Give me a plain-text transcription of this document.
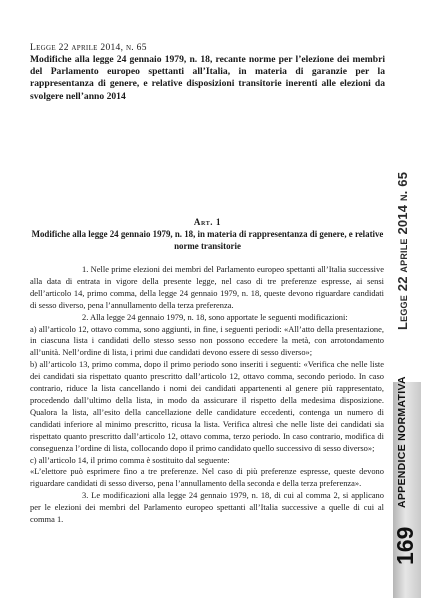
Legge 22 aprile 2014, n. 65
Modifiche alla legge 24 gennaio 1979, n. 18, recante norme per l’elezione dei membri del Parlamento europeo spettanti all’Italia, in materia di garanzie per la rappresentanza di genere, e relative disposizioni transitorie inerenti alle elezioni da svolgere nell’anno 2014
Art. 1
Modifiche alla legge 24 gennaio 1979, n. 18, in materia di rappresentanza di genere, e relative norme transitorie

1. Nelle prime elezioni dei membri del Parlamento europeo spettanti all’Italia successive alla data di entrata in vigore della presente legge, nel caso di tre preferenze espresse, ai sensi dell’articolo 14, primo comma, della legge 24 gennaio 1979, n. 18, queste devono riguardare candidati di sesso diverso, pena l’annullamento della terza preferenza.

2. Alla legge 24 gennaio 1979, n. 18, sono apportate le seguenti modificazioni:

a) all’articolo 12, ottavo comma, sono aggiunti, in fine, i seguenti periodi: «All’atto della presentazione, in ciascuna lista i candidati dello stesso sesso non possono eccedere la metà, con arrotondamento all’unità. Nell’ordine di lista, i primi due candidati devono essere di sesso diverso»;

b) all’articolo 13, primo comma, dopo il primo periodo sono inseriti i seguenti: «Verifica che nelle liste dei candidati sia rispettato quanto prescritto dall’articolo 12, ottavo comma, secondo periodo. In caso contrario, riduce la lista cancellando i nomi dei candidati appartenenti al genere più rappresentato, procedendo dall’ultimo della lista, in modo da assicurare il rispetto della medesima disposizione. Qualora la lista, all’esito della cancellazione delle candidature eccedenti, contenga un numero di candidati inferiore al minimo prescritto, ricusa la lista. Verifica altresì che nelle liste dei candidati sia rispettato quanto prescritto dall’articolo 12, ottavo comma, terzo periodo. In caso contrario, modifica di conseguenza l’ordine di lista, collocando dopo il primo candidato quello successivo di sesso diverso»;

c) all’articolo 14, il primo comma è sostituito dal seguente:

«L’elettore può esprimere fino a tre preferenze. Nel caso di più preferenze espresse, queste devono riguardare candidati di sesso diverso, pena l’annullamento della seconda e della terza preferenza».

3. Le modificazioni alla legge 24 gennaio 1979, n. 18, di cui al comma 2, si applicano per le elezioni dei membri del Parlamento europeo spettanti all’Italia successive a quelle di cui al comma 1.

Legge 22 aprile 2014 n. 65
APPENDICE NORMATIVA
169
